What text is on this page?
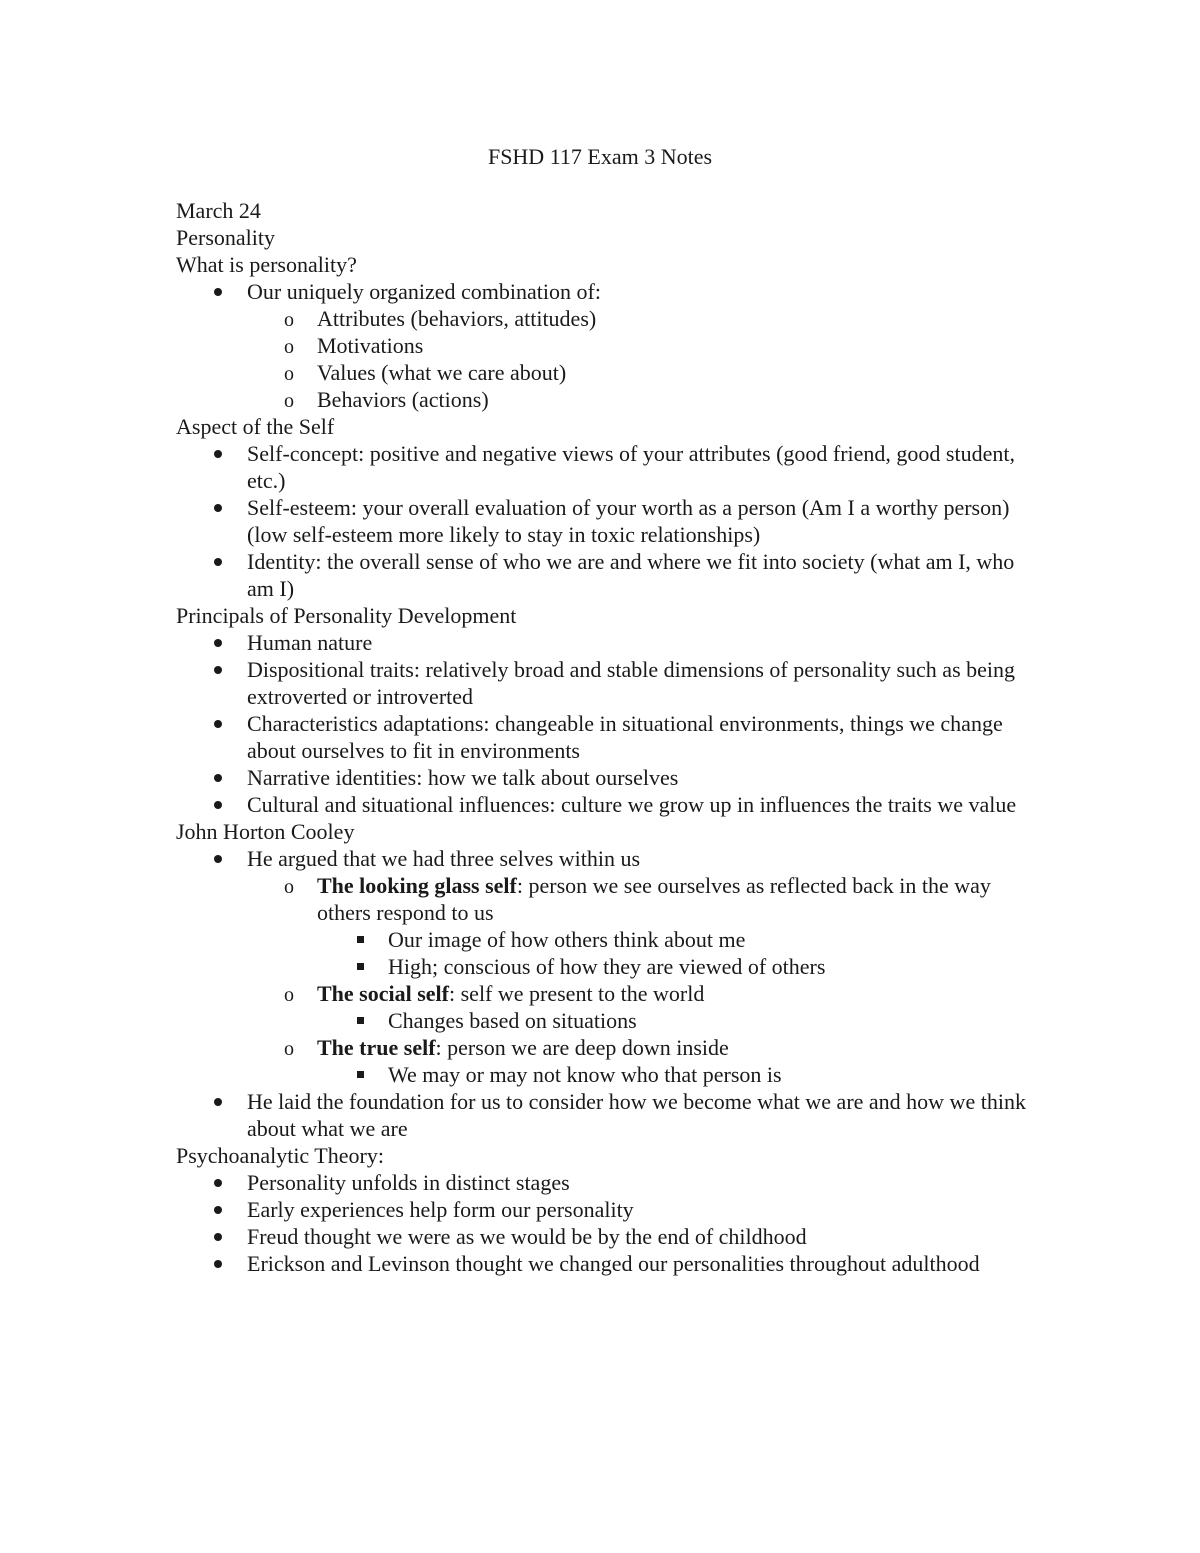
FSHD 117 Exam 3 Notes
March 24
Personality
What is personality?
Our uniquely organized combination of:
o Attributes (behaviors, attitudes)
o Motivations
o Values (what we care about)
o Behaviors (actions)
Aspect of the Self
Self-concept: positive and negative views of your attributes (good friend, good student, etc.)
Self-esteem: your overall evaluation of your worth as a person (Am I a worthy person) (low self-esteem more likely to stay in toxic relationships)
Identity: the overall sense of who we are and where we fit into society (what am I, who am I)
Principals of Personality Development
Human nature
Dispositional traits: relatively broad and stable dimensions of personality such as being extroverted or introverted
Characteristics adaptations: changeable in situational environments, things we change about ourselves to fit in environments
Narrative identities: how we talk about ourselves
Cultural and situational influences: culture we grow up in influences the traits we value
John Horton Cooley
He argued that we had three selves within us
o The looking glass self: person we see ourselves as reflected back in the way others respond to us
Our image of how others think about me
High; conscious of how they are viewed of others
o The social self: self we present to the world
Changes based on situations
o The true self: person we are deep down inside
We may or may not know who that person is
He laid the foundation for us to consider how we become what we are and how we think about what we are
Psychoanalytic Theory:
Personality unfolds in distinct stages
Early experiences help form our personality
Freud thought we were as we would be by the end of childhood
Erickson and Levinson thought we changed our personalities throughout adulthood
